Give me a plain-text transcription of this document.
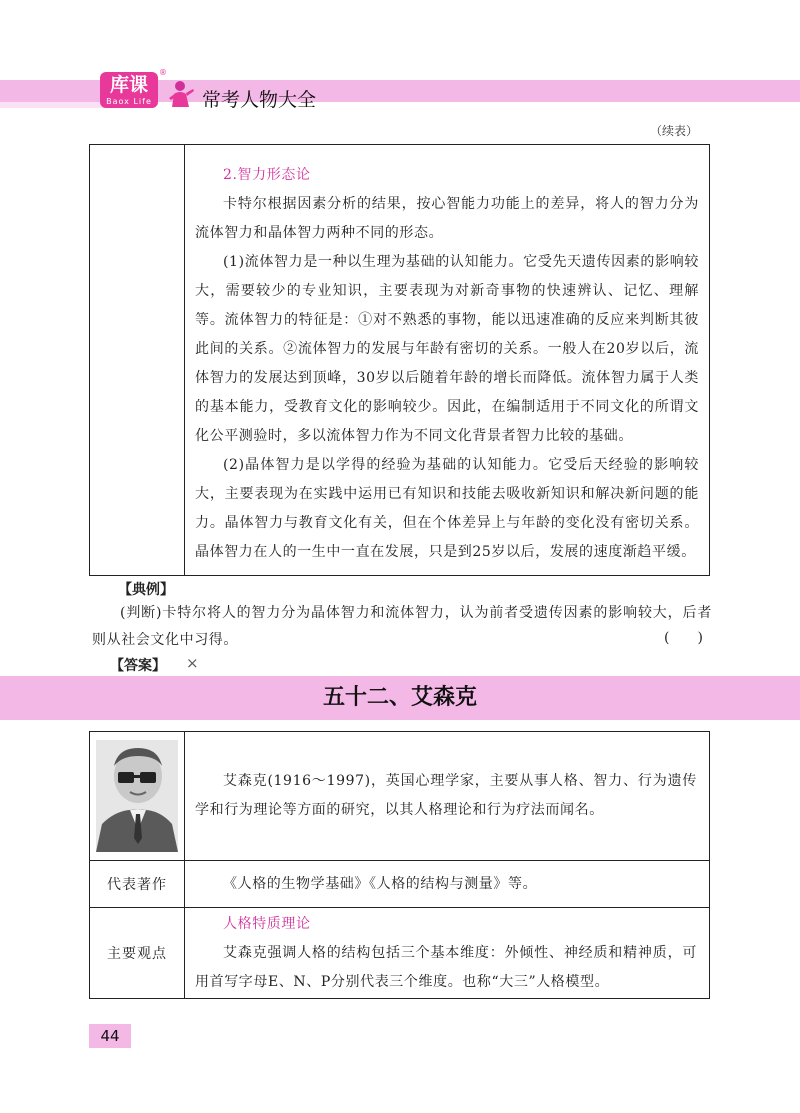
库课
Baox Life
®
常考人物大全
（续表）

2.智力形态论

卡特尔根据因素分析的结果，按心智能力功能上的差异，将人的智力分为流体智力和晶体智力两种不同的形态。

(1)流体智力是一种以生理为基础的认知能力。它受先天遗传因素的影响较大，需要较少的专业知识，主要表现为对新奇事物的快速辨认、记忆、理解等。流体智力的特征是：①对不熟悉的事物，能以迅速准确的反应来判断其彼此间的关系。②流体智力的发展与年龄有密切的关系。一般人在20岁以后，流体智力的发展达到顶峰，30岁以后随着年龄的增长而降低。流体智力属于人类的基本能力，受教育文化的影响较少。因此，在编制适用于不同文化的所谓文化公平测验时，多以流体智力作为不同文化背景者智力比较的基础。

(2)晶体智力是以学得的经验为基础的认知能力。它受后天经验的影响较大，主要表现为在实践中运用已有知识和技能去吸收新知识和解决新问题的能力。晶体智力与教育文化有关，但在个体差异上与年龄的变化没有密切关系。晶体智力在人的一生中一直在发展，只是到25岁以后，发展的速度渐趋平缓。

【典例】
(判断)卡特尔将人的智力分为晶体智力和流体智力，认为前者受遗传因素的影响较大，后者则从社会文化中习得。	(　　)
【答案】 ×
五十二、艾森克

艾森克(1916～1997)，英国心理学家，主要从事人格、智力、行为遗传学和行为理论等方面的研究，以其人格理论和行为疗法而闻名。

代表著作	《人格的生物学基础》《人格的结构与测量》等。

主要观点	人格特质理论

艾森克强调人格的结构包括三个基本维度：外倾性、神经质和精神质，可用首写字母E、N、P分别代表三个维度。也称“大三”人格模型。

44
